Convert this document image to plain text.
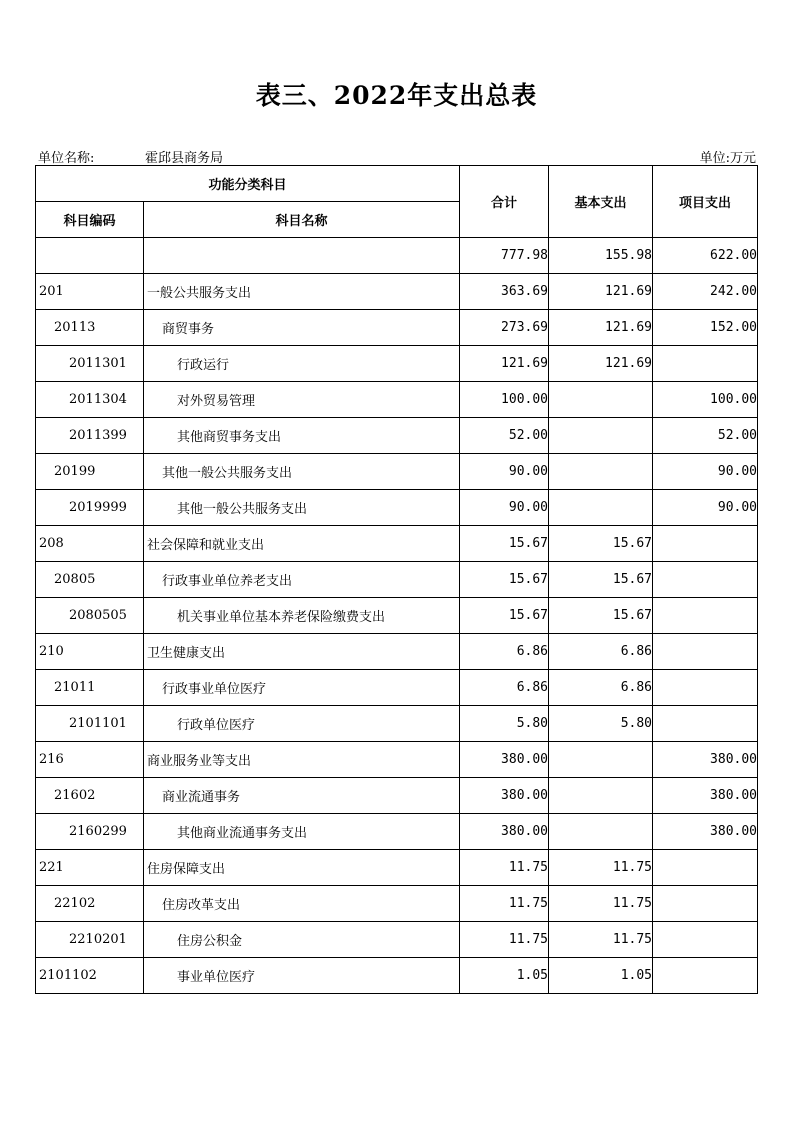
表三、2022年支出总表
单位名称:	霍邱县商务局	单位:万元
功能分类科目		合计	基本支出	项目支出
科目编码	科目名称			
		777.98	155.98	622.00
201	一般公共服务支出	363.69	121.69	242.00
20113	商贸事务	273.69	121.69	152.00
2011301	行政运行	121.69	121.69	
2011304	对外贸易管理	100.00		100.00
2011399	其他商贸事务支出	52.00		52.00
20199	其他一般公共服务支出	90.00		90.00
2019999	其他一般公共服务支出	90.00		90.00
208	社会保障和就业支出	15.67	15.67	
20805	行政事业单位养老支出	15.67	15.67	
2080505	机关事业单位基本养老保险缴费支出	15.67	15.67	
210	卫生健康支出	6.86	6.86	
21011	行政事业单位医疗	6.86	6.86	
2101101	行政单位医疗	5.80	5.80	
216	商业服务业等支出	380.00		380.00
21602	商业流通事务	380.00		380.00
2160299	其他商业流通事务支出	380.00		380.00
221	住房保障支出	11.75	11.75	
22102	住房改革支出	11.75	11.75	
2210201	住房公积金	11.75	11.75	
2101102	事业单位医疗	1.05	1.05	
